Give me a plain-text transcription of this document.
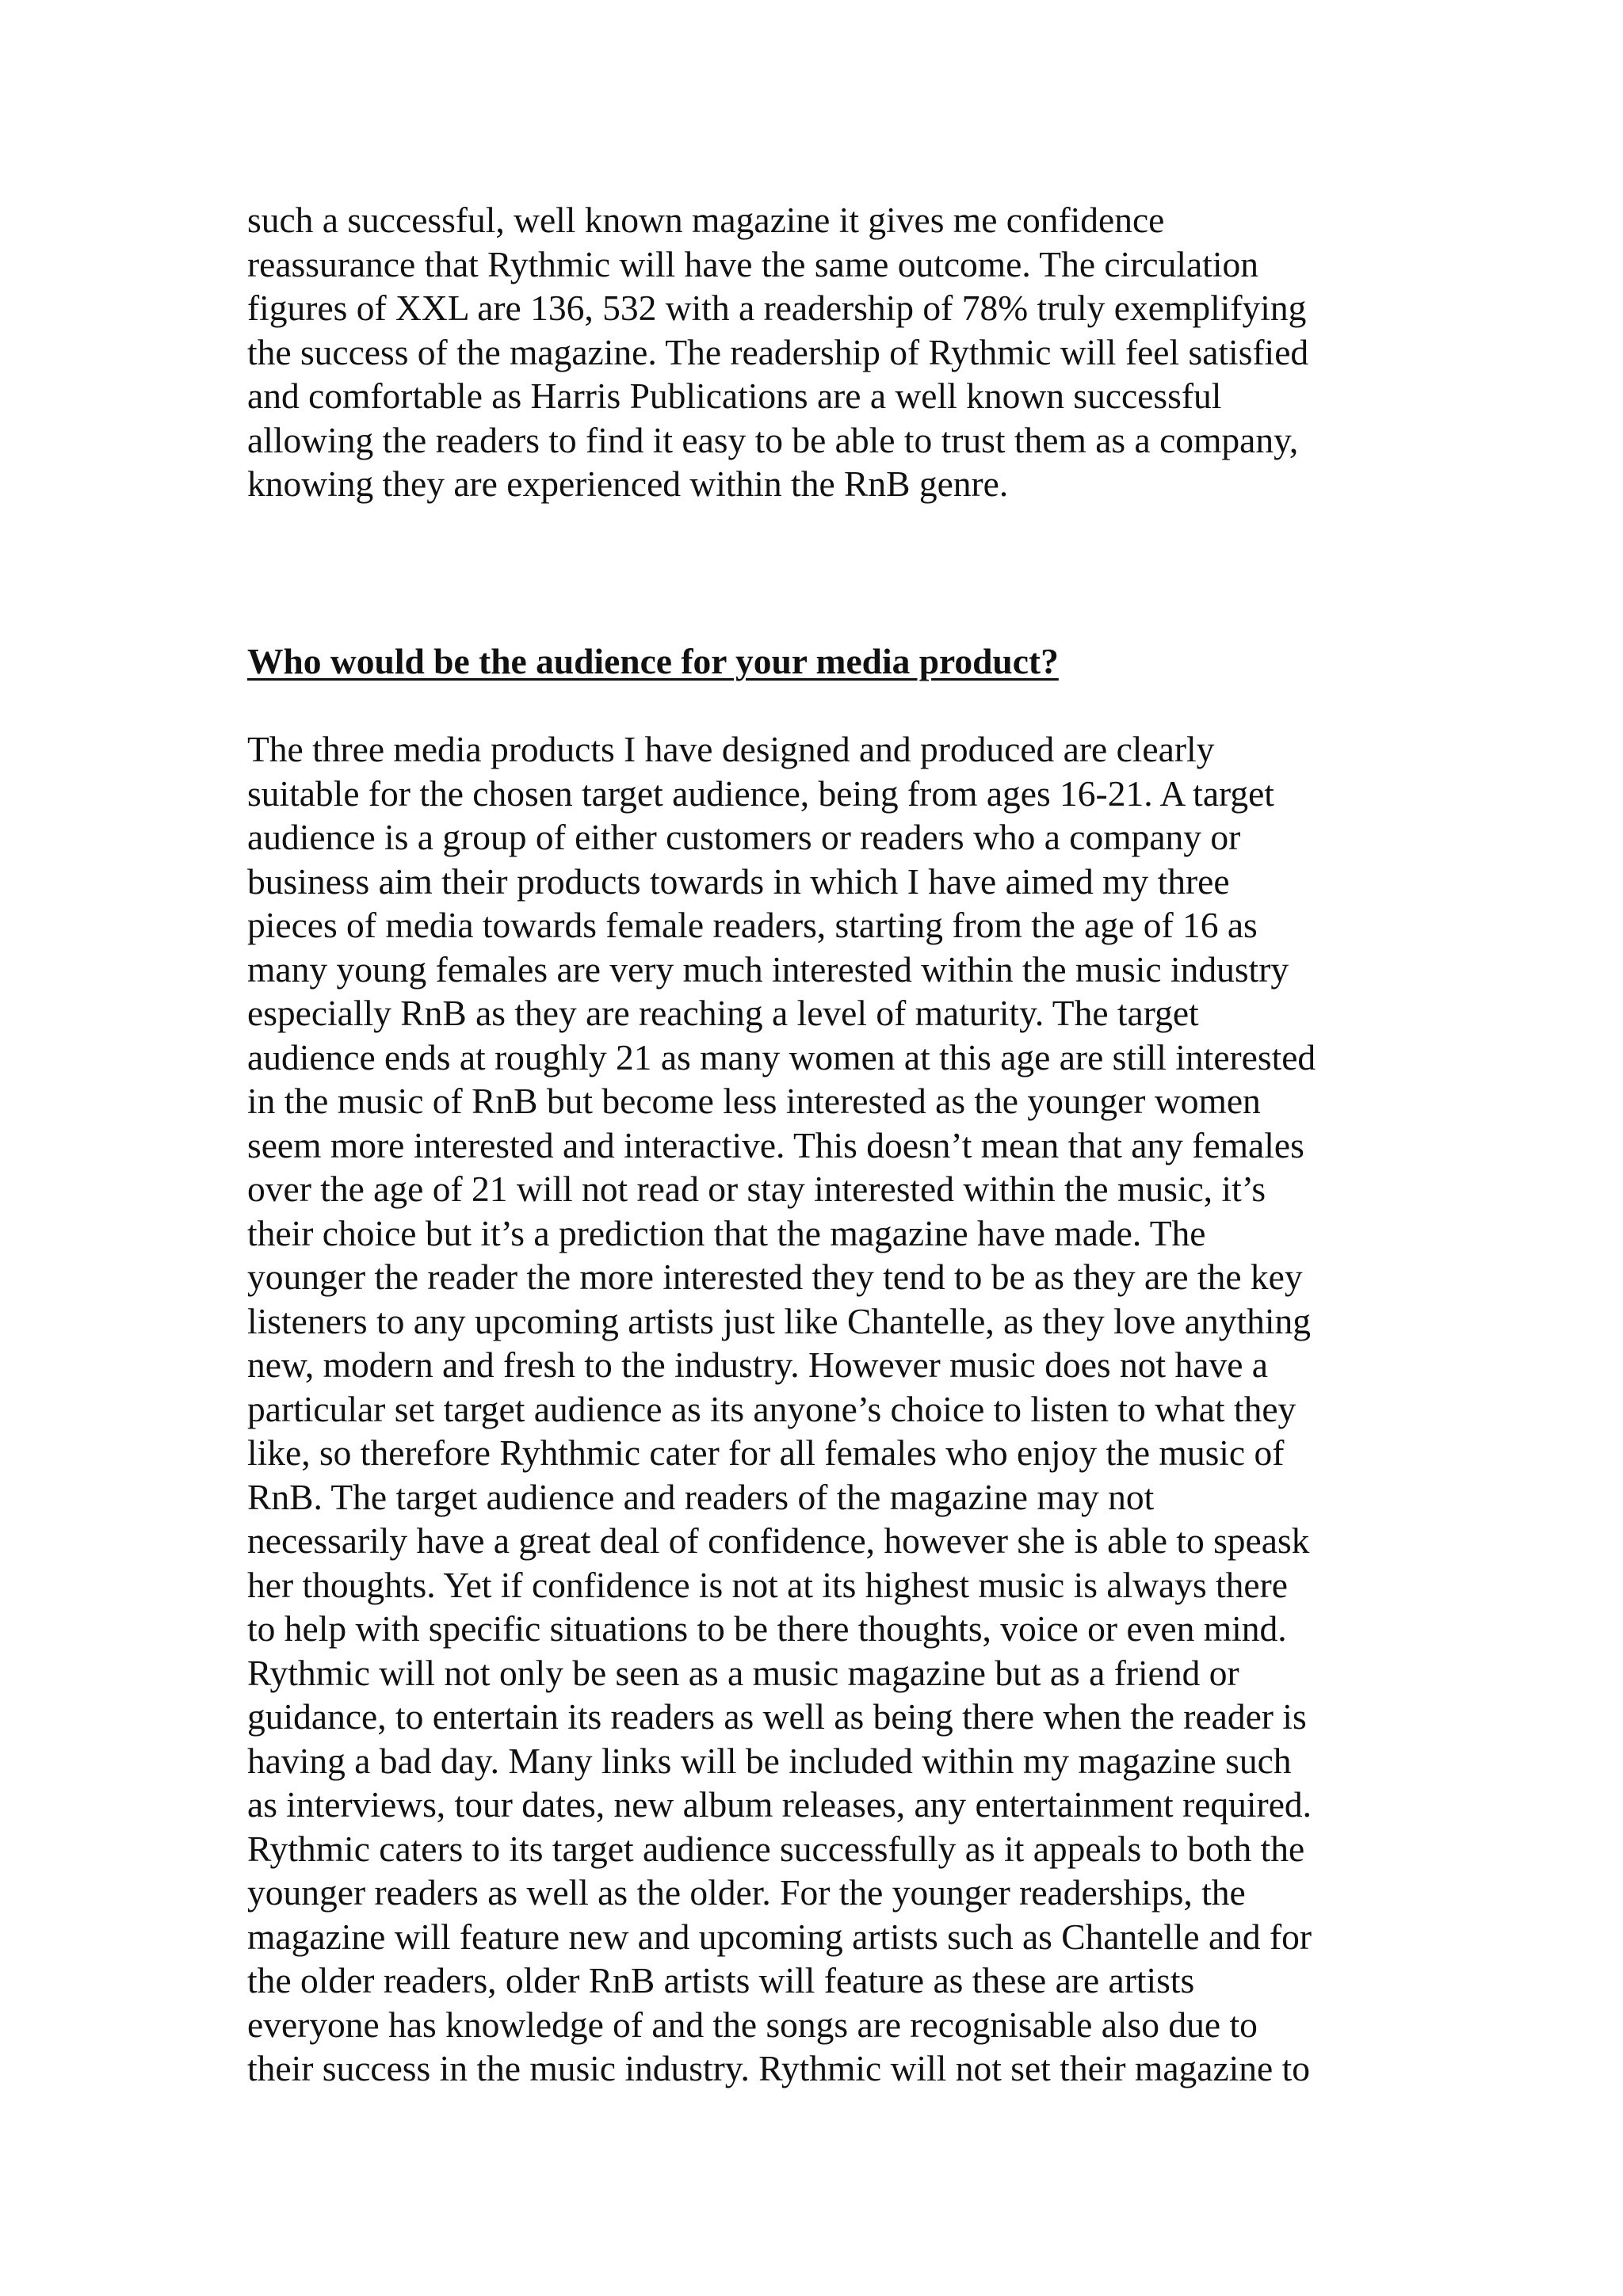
such a successful, well known magazine it gives me confidence
reassurance that Rythmic will have the same outcome. The circulation
figures of XXL are 136, 532 with a readership of 78% truly exemplifying
the success of the magazine. The readership of Rythmic will feel satisfied
and comfortable as Harris Publications are a well known successful
allowing the readers to find it easy to be able to trust them as a company,
knowing they are experienced within the RnB genre.
Who would be the audience for your media product?
The three media products I have designed and produced are clearly
suitable for the chosen target audience, being from ages 16-21. A target
audience is a group of either customers or readers who a company or
business aim their products towards in which I have aimed my three
pieces of media towards female readers, starting from the age of 16 as
many young females are very much interested within the music industry
especially RnB as they are reaching a level of maturity. The target
audience ends at roughly 21 as many women at this age are still interested
in the music of RnB but become less interested as the younger women
seem more interested and interactive. This doesn’t mean that any females
over the age of 21 will not read or stay interested within the music, it’s
their choice but it’s a prediction that the magazine have made. The
younger the reader the more interested they tend to be as they are the key
listeners to any upcoming artists just like Chantelle, as they love anything
new, modern and fresh to the industry. However music does not have a
particular set target audience as its anyone’s choice to listen to what they
like, so therefore Ryhthmic cater for all females who enjoy the music of
RnB. The target audience and readers of the magazine may not
necessarily have a great deal of confidence, however she is able to speask
her thoughts. Yet if confidence is not at its highest music is always there
to help with specific situations to be there thoughts, voice or even mind.
Rythmic will not only be seen as a music magazine but as a friend or
guidance, to entertain its readers as well as being there when the reader is
having a bad day. Many links will be included within my magazine such
as interviews, tour dates, new album releases, any entertainment required.
Rythmic caters to its target audience successfully as it appeals to both the
younger readers as well as the older. For the younger readerships, the
magazine will feature new and upcoming artists such as Chantelle and for
the older readers, older RnB artists will feature as these are artists
everyone has knowledge of and the songs are recognisable also due to
their success in the music industry. Rythmic will not set their magazine to
